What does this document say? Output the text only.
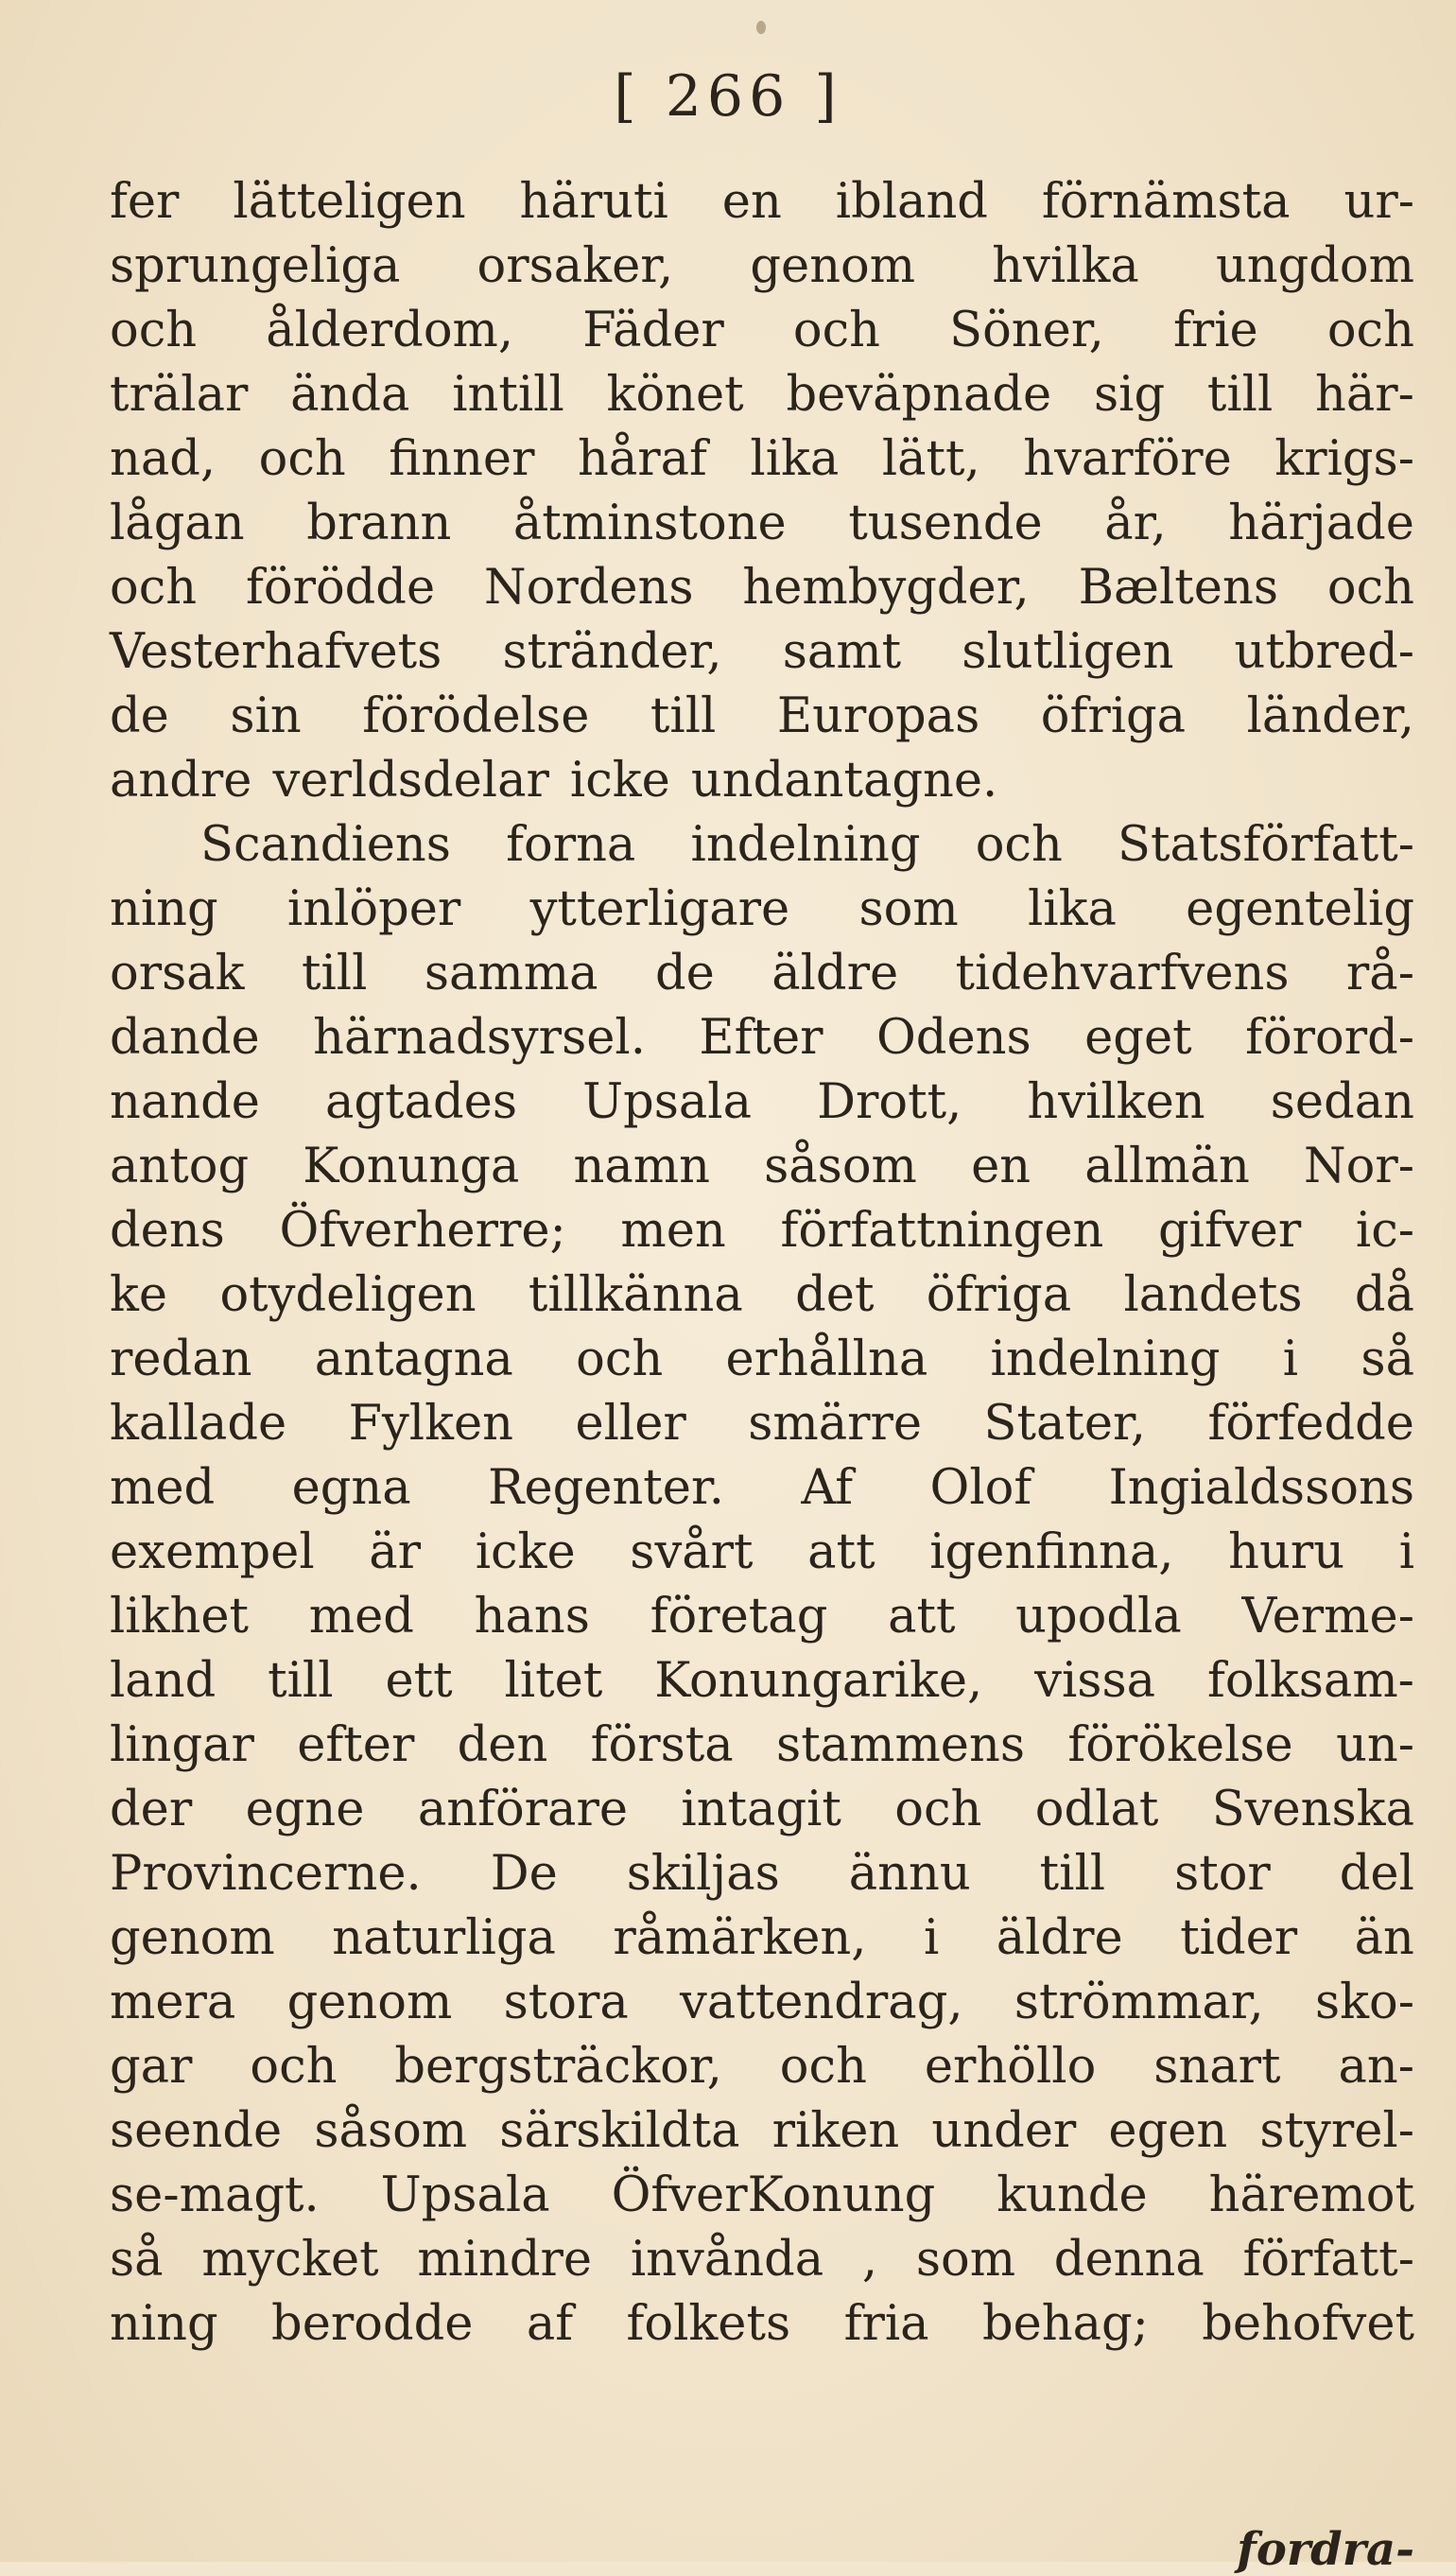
[ 266 ]
fer lätteligen häruti en ibland förnämsta ur-
sprungeliga orsaker, genom hvilka ungdom
och ålderdom, Fäder och Söner, frie och
trälar ända intill könet beväpnade sig till här-
nad, och finner håraf lika lätt, hvarföre krigs-
lågan brann åtminstone tusende år, härjade
och förödde Nordens hembygder, Bæltens och
Vesterhafvets stränder, samt slutligen utbred-
de sin förödelse till Europas öfriga länder,
andre verldsdelar icke undantagne.
Scandiens forna indelning och Statsförfatt-
ning inlöper ytterligare som lika egentelig
orsak till samma de äldre tidehvarfvens rå-
dande härnadsyrsel. Efter Odens eget förord-
nande agtades Upsala Drott, hvilken sedan
antog Konunga namn såsom en allmän Nor-
dens Öfverherre; men författningen gifver ic-
ke otydeligen tillkänna det öfriga landets då
redan antagna och erhållna indelning i så
kallade Fylken eller smärre Stater, förfedde
med egna Regenter. Af Olof Ingialdssons
exempel är icke svårt att igenfinna, huru i
likhet med hans företag att upodla Verme-
land till ett litet Konungarike, vissa folksam-
lingar efter den första stammens förökelse un-
der egne anförare intagit och odlat Svenska
Provincerne. De skiljas ännu till stor del
genom naturliga råmärken, i äldre tider än
mera genom stora vattendrag, strömmar, sko-
gar och bergsträckor, och erhöllo snart an-
seende såsom särskildta riken under egen styrel-
se-magt. Upsala ÖfverKonung kunde häremot
så mycket mindre invånda , som denna författ-
ning berodde af folkets fria behag; behofvet
fordra-
